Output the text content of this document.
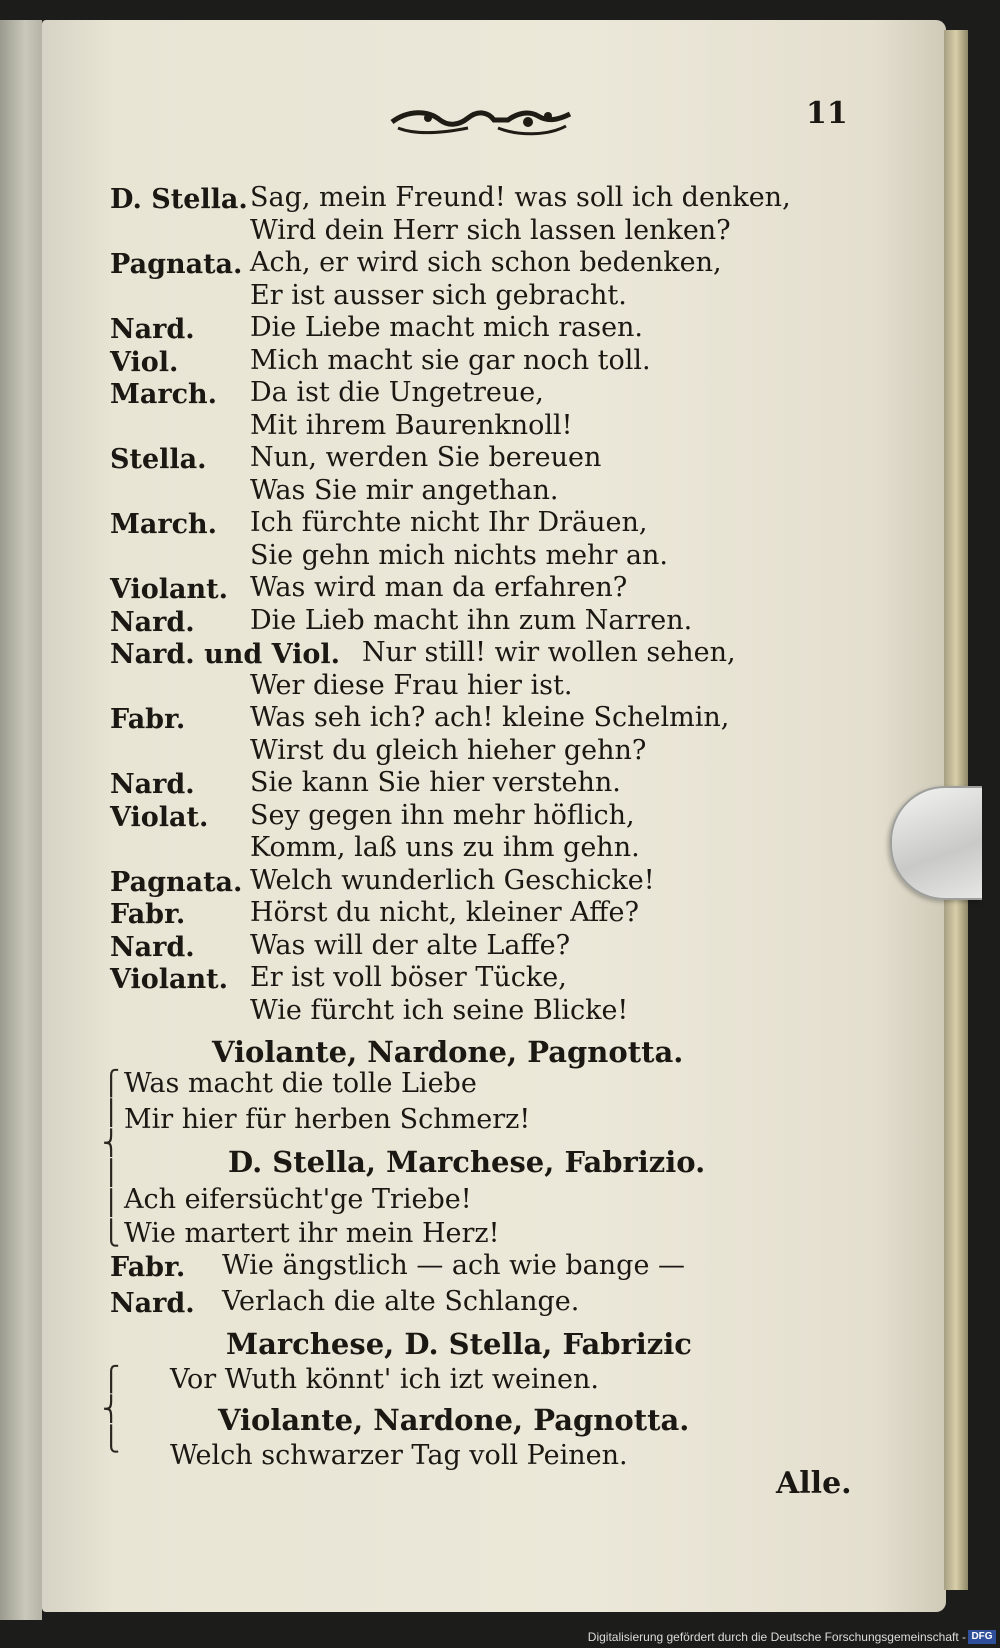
11
D. Stella. Sag, mein Freund! was soll ich denken,
Wird dein Herr sich lassen lenken?
Pagnata. Ach, er wird sich schon bedenken,
Er ist ausser sich gebracht.
Nard. Die Liebe macht mich rasen.
Viol.	Mich macht sie gar noch toll.
March. Da ist die Ungetreue,
Mit ihrem Baurenknoll!
Stella. Nun, werden Sie bereuen
Was Sie mir angethan.
March. Ich fürchte nicht Ihr Dräuen,
Sie gehn mich nichts mehr an.
Violant. Was wird man da erfahren?
Nard. Die Lieb macht ihn zum Narren.
Nard. und Viol. Nur still! wir wollen sehen,
Wer diese Frau hier ist.
Fabr. Was seh ich? ach! kleine Schelmin,
Wirst du gleich hieher gehn?
Nard. Sie kann Sie hier verstehn.
Violat. Sey gegen ihn mehr höflich,
Komm, laß uns zu ihm gehn.
Pagnata. Welch wunderlich Geschicke!
Fabr. Hörst du nicht, kleiner Affe?
Nard. Was will der alte Laffe?
Violant. Er ist voll böser Tücke,
Wie fürcht ich seine Blicke!
Violante, Nardone, Pagnotta.
⎧
⎪
⎨
⎪
⎪
⎩
Was macht die tolle Liebe
Mir hier für herben Schmerz!
D. Stella, Marchese, Fabrizio.
Ach eifersücht'ge Triebe!
Wie martert ihr mein Herz!
Fabr. Wie ängstlich — ach wie bange —
Nard. Verlach die alte Schlange.
Marchese, D. Stella, Fabrizic
⎧
⎨
⎩
Vor Wuth könnt' ich izt weinen.
Violante, Nardone, Pagnotta.
Welch schwarzer Tag voll Peinen.
Alle.
Digitalisierung gefördert durch die Deutsche Forschungsgemeinschaft - DFG
